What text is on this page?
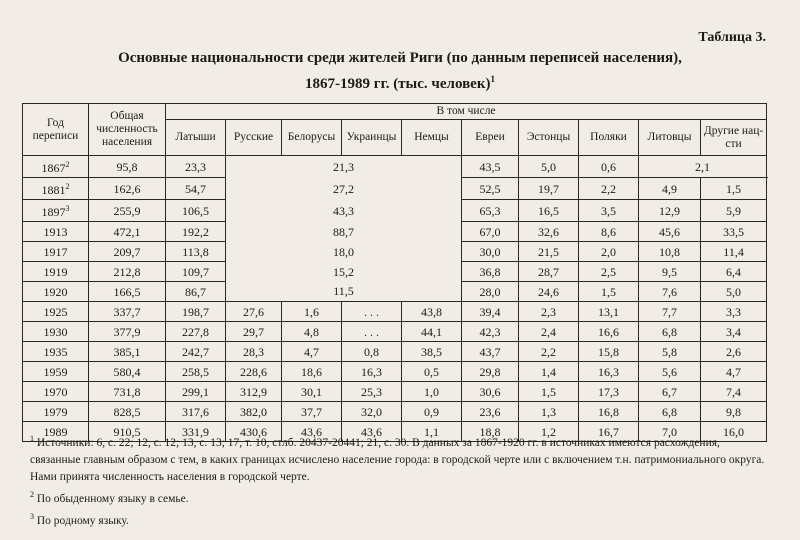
Таблица 3.
Основные национальности среди жителей Риги (по данным переписей населения),
1867-1989 гг. (тыс. человек)$^1$
Год переписи	Общая численность населения	В том числе										
		Латыши	Русские	Белорусы	Украинцы	Немцы	Евреи	Эстонцы	Поляки	Литовцы	Другие нац-сти	
1867$^2$	95,8	23,3	21,3				43,5	5,0	0,6	2,1		
1881$^2$	162,6	54,7	27,2				52,5	19,7	2,2	4,9	1,5	
1897$^3$	255,9	106,5	43,3				65,3	16,5	3,5	12,9	5,9	
1913	472,1	192,2	88,7				67,0	32,6	8,6	45,6	33,5	
1917	209,7	113,8	18,0				30,0	21,5	2,0	10,8	11,4	
1919	212,8	109,7	15,2				36,8	28,7	2,5	9,5	6,4	
1920	166,5	86,7	11,5				28,0	24,6	1,5	7,6	5,0	
1925	337,7	198,7	27,6	1,6	. . .	43,8	39,4	2,3	13,1	7,7	3,3	
1930	377,9	227,8	29,7	4,8	. . .	44,1	42,3	2,4	16,6	6,8	3,4	
1935	385,1	242,7	28,3	4,7	0,8	38,5	43,7	2,2	15,8	5,8	2,6	
1959	580,4	258,5	228,6	18,6	16,3	0,5	29,8	1,4	16,3	5,6	4,7	
1970	731,8	299,1	312,9	30,1	25,3	1,0	30,6	1,5	17,3	6,7	7,4	
1979	828,5	317,6	382,0	37,7	32,0	0,9	23,6	1,3	16,8	6,8	9,8	
1989	910,5	331,9	430,6	43,6	43,6	1,1	18,8	1,2	16,7	7,0	16,0	

$^1$ Источники: 6, с. 22; 12, с. 12; 13, с. 13; 17, т. 10, стлб. 20437-20441; 21, с. 30. В данных за 1867-1920 гг. в источниках имеются расхождения, связанные главным образом с тем, в каких границах исчислено население города: в городской черте или с включением т.н. патримониального округа. Нами принята численность населения в городской черте.

$^2$ По обыденному языку в семье.

$^3$ По родному языку.
